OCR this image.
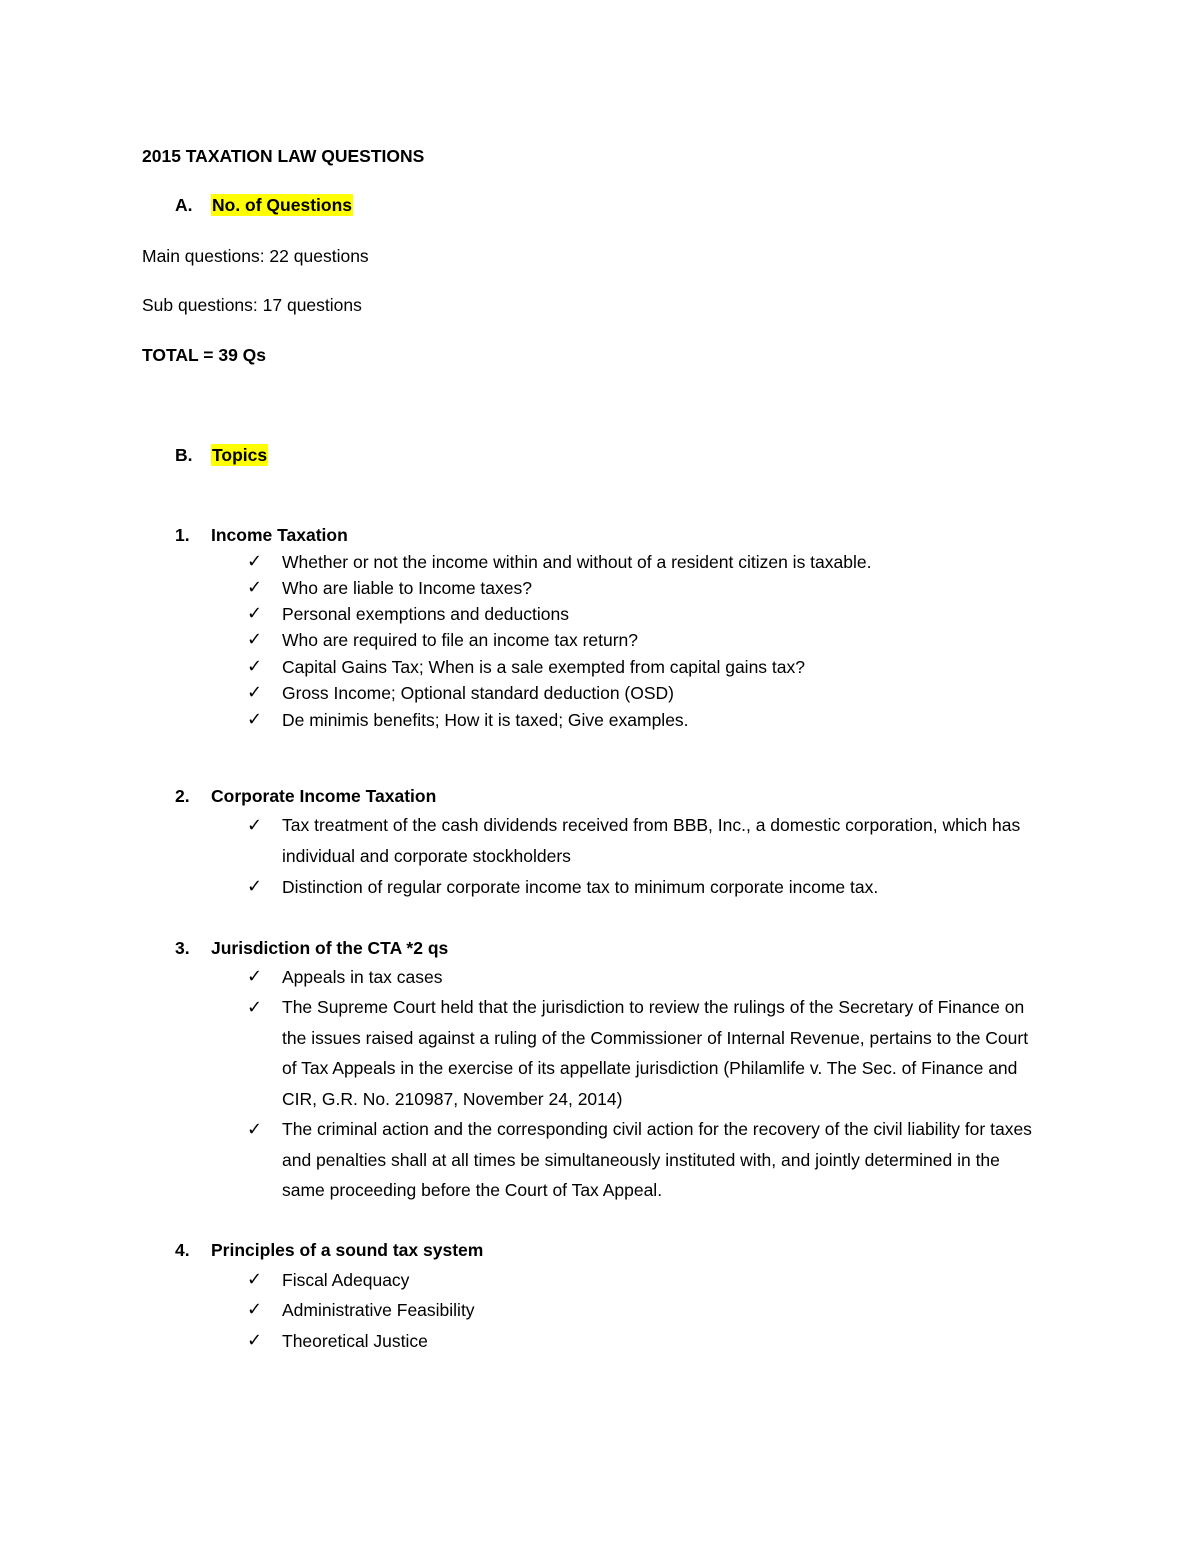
2015 TAXATION LAW QUESTIONS
A. No. of Questions
Main questions: 22 questions
Sub questions: 17 questions
TOTAL = 39 Qs
B. Topics
1. Income Taxation
✓ Whether or not the income within and without of a resident citizen is taxable.
✓ Who are liable to Income taxes?
✓ Personal exemptions and deductions
✓ Who are required to file an income tax return?
✓ Capital Gains Tax; When is a sale exempted from capital gains tax?
✓ Gross Income; Optional standard deduction (OSD)
✓ De minimis benefits; How it is taxed; Give examples.
2. Corporate Income Taxation
✓ Tax treatment of the cash dividends received from BBB, Inc., a domestic corporation, which has individual and corporate stockholders
✓ Distinction of regular corporate income tax to minimum corporate income tax.
3. Jurisdiction of the CTA *2 qs
✓ Appeals in tax cases
✓ The Supreme Court held that the jurisdiction to review the rulings of the Secretary of Finance on the issues raised against a ruling of the Commissioner of Internal Revenue, pertains to the Court of Tax Appeals in the exercise of its appellate jurisdiction (Philamlife v. The Sec. of Finance and CIR, G.R. No. 210987, November 24, 2014)
✓ The criminal action and the corresponding civil action for the recovery of the civil liability for taxes and penalties shall at all times be simultaneously instituted with, and jointly determined in the same proceeding before the Court of Tax Appeal.
4. Principles of a sound tax system
✓ Fiscal Adequacy
✓ Administrative Feasibility
✓ Theoretical Justice
